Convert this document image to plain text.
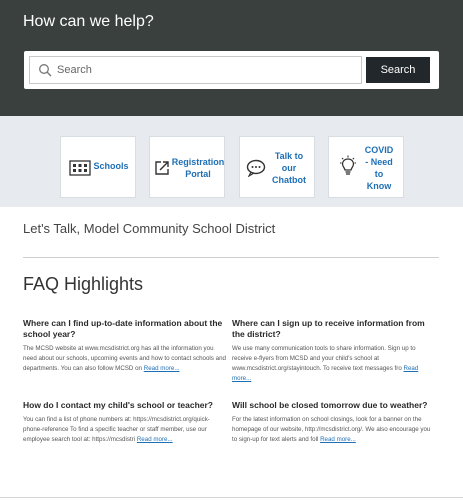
How can we help?
Search
Search
Schools	Registration
Portal
Talk to
our
Chatbot
COVID
- Need
to
Know
Let's Talk, Model Community School District
FAQ Highlights
Where can I find up-to-date information about the school year?

The MCSD website at www.mcsdistrict.org has all the information you need about our schools, upcoming events and how to contact schools and departments. You can also follow MCSD on Read more...

Where can I sign up to receive information from the district?

We use many communication tools to share information. Sign up to receive e-flyers from MCSD and your child's school at www.mcsdistrict.org/stayintouch. To receive text messages fro Read more...

How do I contact my child's school or teacher?

You can find a list of phone numbers at: https://mcsdistrict.org/quick-phone-reference To find a specific teacher or staff member, use our employee search tool at: https://mcsdistri Read more...

Will school be closed tomorrow due to weather?

For the latest information on school closings, look for a banner on the homepage of our website, http://mcsdistrict.org/. We also encourage you to sign-up for text alerts and foll Read more...
